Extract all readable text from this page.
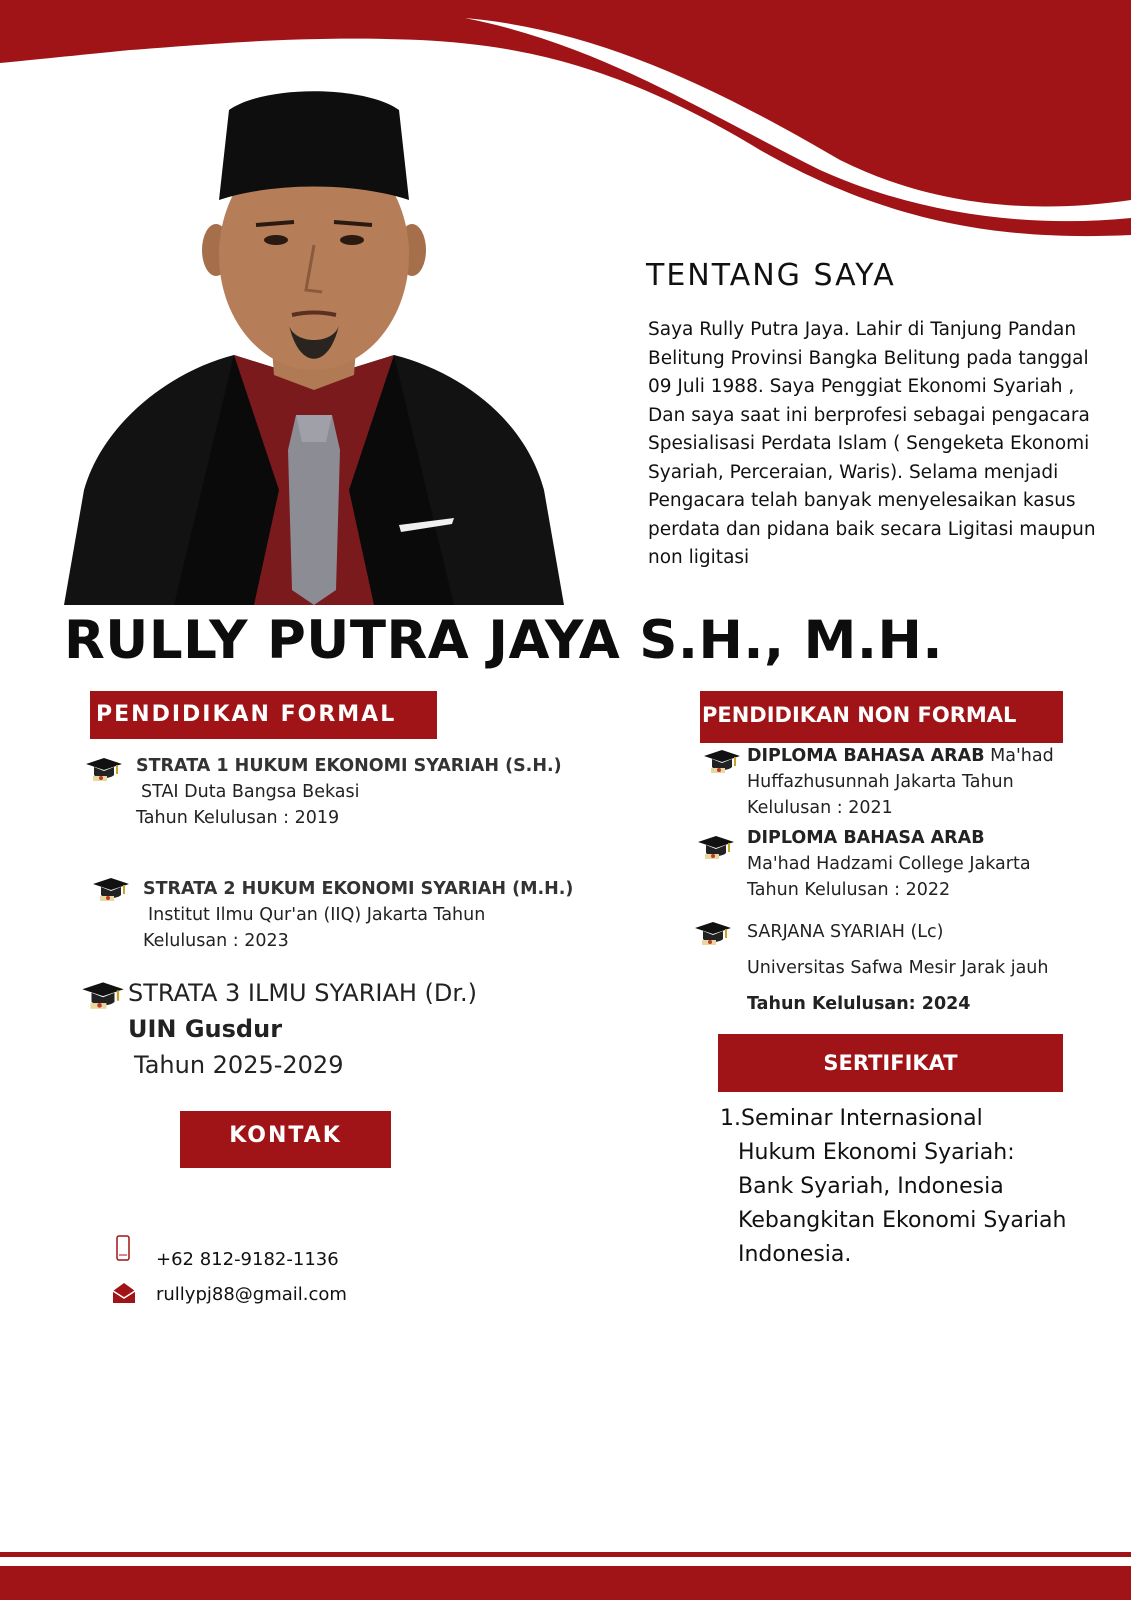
TENTANG SAYA
Saya Rully Putra Jaya. Lahir di Tanjung Pandan Belitung Provinsi Bangka Belitung pada tanggal 09 Juli 1988. Saya Penggiat Ekonomi Syariah , Dan saya saat ini berprofesi sebagai pengacara Spesialisasi Perdata Islam ( Sengeketa Ekonomi Syariah, Perceraian, Waris). Selama menjadi Pengacara telah banyak menyelesaikan kasus perdata dan pidana baik secara Ligitasi maupun non ligitasi
RULLY PUTRA JAYA S.H., M.H.
PENDIDIKAN FORMAL
STRATA 1 HUKUM EKONOMI SYARIAH (S.H.)
STAI Duta Bangsa Bekasi
Tahun Kelulusan : 2019
STRATA 2 HUKUM EKONOMI SYARIAH (M.H.)
Institut Ilmu Qur'an (IIQ) Jakarta Tahun
Kelulusan : 2023
STRATA 3 ILMU SYARIAH (Dr.)
UIN Gusdur
Tahun 2025-2029
KONTAK
+62 812-9182-1136
rullypj88@gmail.com
PENDIDIKAN NON FORMAL
DIPLOMA BAHASA ARAB Ma'had
Huffazhusunnah Jakarta Tahun
Kelulusan : 2021
DIPLOMA BAHASA ARAB
Ma'had Hadzami College Jakarta
Tahun Kelulusan : 2022
SARJANA SYARIAH (Lc)
Universitas Safwa Mesir Jarak jauh
Tahun Kelulusan: 2024
SERTIFIKAT
1.Seminar Internasional
Hukum Ekonomi Syariah:
Bank Syariah, Indonesia
Kebangkitan Ekonomi Syariah
Indonesia.
